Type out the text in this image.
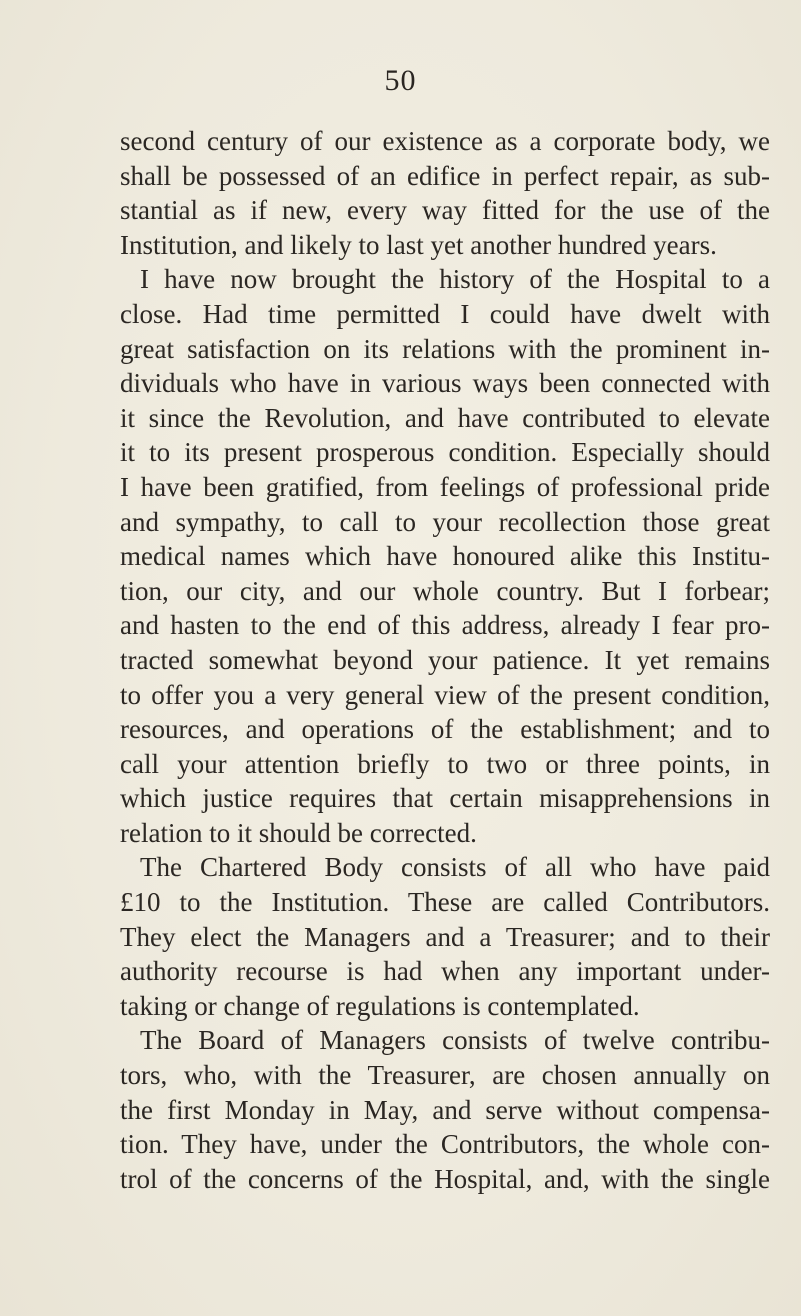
50
second century of our existence as a corporate body, we
shall be possessed of an edifice in perfect repair, as sub-
stantial as if new, every way fitted for the use of the
Institution, and likely to last yet another hundred years.
I have now brought the history of the Hospital to a
close. Had time permitted I could have dwelt with
great satisfaction on its relations with the prominent in-
dividuals who have in various ways been connected with
it since the Revolution, and have contributed to elevate
it to its present prosperous condition. Especially should
I have been gratified, from feelings of professional pride
and sympathy, to call to your recollection those great
medical names which have honoured alike this Institu-
tion, our city, and our whole country. But I forbear;
and hasten to the end of this address, already I fear pro-
tracted somewhat beyond your patience. It yet remains
to offer you a very general view of the present condition,
resources, and operations of the establishment; and to
call your attention briefly to two or three points, in
which justice requires that certain misapprehensions in
relation to it should be corrected.
The Chartered Body consists of all who have paid
£10 to the Institution. These are called Contributors.
They elect the Managers and a Treasurer; and to their
authority recourse is had when any important under-
taking or change of regulations is contemplated.
The Board of Managers consists of twelve contribu-
tors, who, with the Treasurer, are chosen annually on
the first Monday in May, and serve without compensa-
tion. They have, under the Contributors, the whole con-
trol of the concerns of the Hospital, and, with the single
